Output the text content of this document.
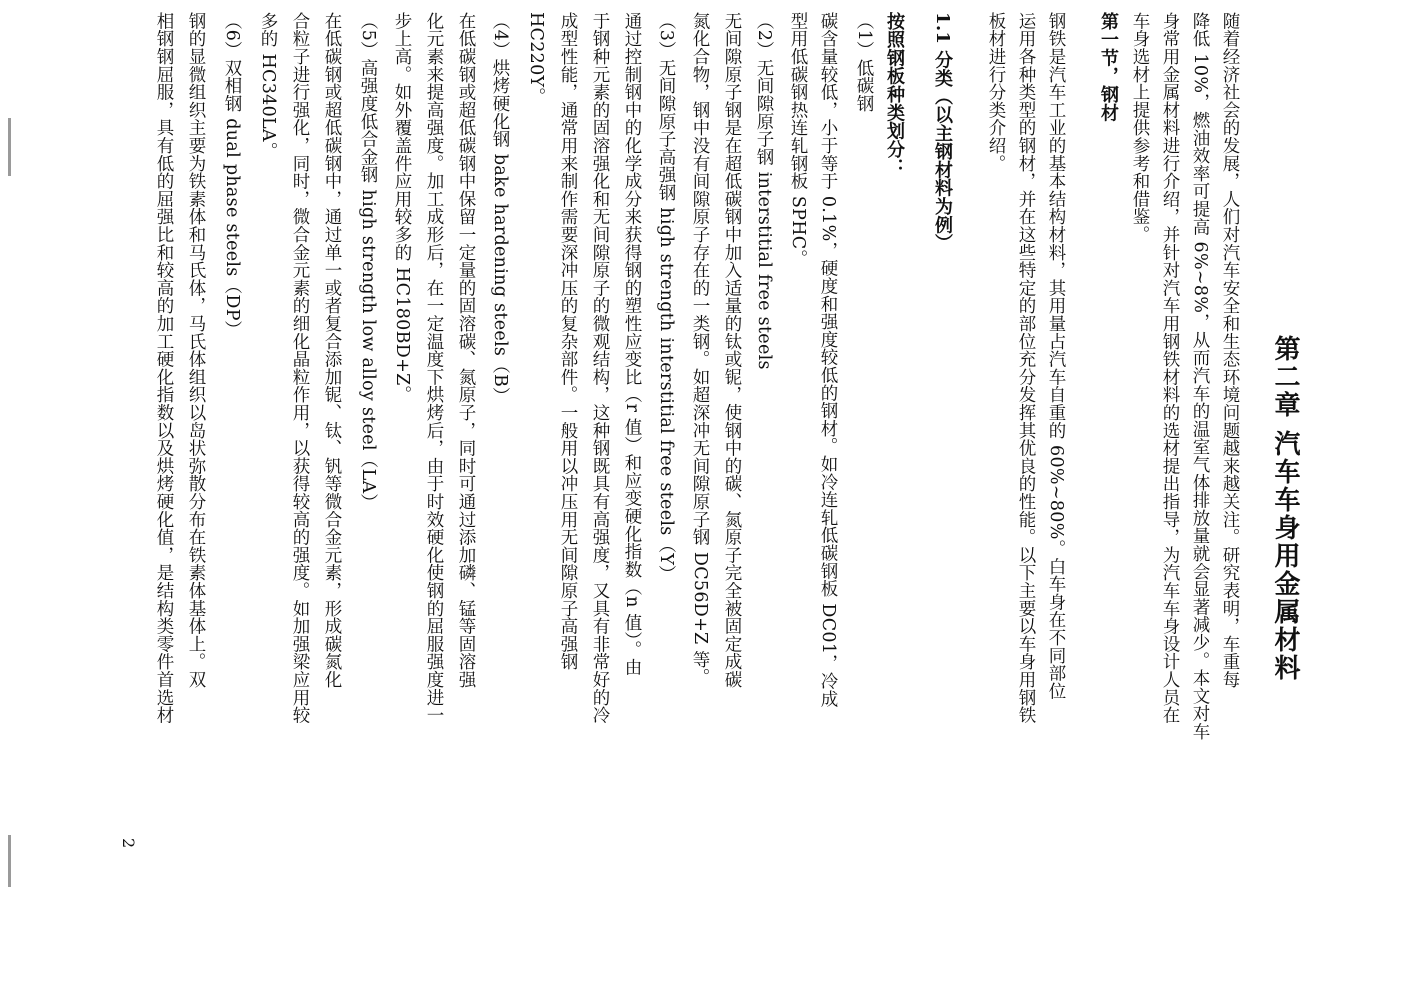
第二章 汽车车身用金属材料
随着经济社会的发展，人们对汽车安全和生态环境问题越来越关注。研究表明，车重每
降低 10%，燃油效率可提高 6%~8%，从而汽车的温室气体排放量就会显著减少。本文对车
身常用金属材料进行介绍，并针对汽车用钢铁材料的选材提出指导，为汽车车身设计人员在
车身选材上提供参考和借鉴。
第一节，钢材
钢铁是汽车工业的基本结构材料，其用量占汽车自重的 60%~80%。白车身在不同部位
运用各种类型的钢材，并在这些特定的部位充分发挥其优良的性能。以下主要以车身用钢铁
板材进行分类介绍。
1.1 分类（以主钢材料为例）
按照钢板种类划分：
（1）低碳钢
碳含量较低，小于等于 0.1%，硬度和强度较低的钢材。如冷连轧低碳钢板 DC01，冷成
型用低碳钢热连轧钢板 SPHC。
（2）无间隙原子钢 interstitial free steels
无间隙原子钢是在超低碳钢中加入适量的钛或铌，使钢中的碳、氮原子完全被固定成碳
氮化合物，钢中没有间隙原子存在的一类钢。如超深冲无间隙原子钢 DC56D+Z 等。
（3）无间隙原子高强钢 high strength interstitial free steels（Y）
通过控制钢中的化学成分来获得钢的塑性应变比（r 值）和应变硬化指数（n 值）。由
于钢种元素的固溶强化和无间隙原子的微观结构，这种钢既具有高强度，又具有非常好的冷
成型性能，通常用来制作需要深冲压的复杂部件。一般用以冲压用无间隙原子高强钢
HC220Y。
（4）烘烤硬化钢 bake hardening steels（B）
在低碳钢或超低碳钢中保留一定量的固溶碳、氮原子，同时可通过添加磷、锰等固溶强
化元素来提高强度。加工成形后，在一定温度下烘烤后，由于时效硬化使钢的屈服强度进一
步上高。如外覆盖件应用较多的 HC180BD+Z。
（5）高强度低合金钢 high strength low alloy steel（LA）
在低碳钢或超低碳钢中，通过单一或者复合添加铌、钛、钒等微合金元素，形成碳氮化
合粒子进行强化，同时，微合金元素的细化晶粒作用，以获得较高的强度。如加强梁应用较
多的 HC340LA。
（6）双相钢 dual phase steels（DP）
钢的显微组织主要为铁素体和马氏体，马氏体组织以岛状弥散分布在铁素体基体上。双
相钢钢屈服，具有低的屈强比和较高的加工硬化指数以及烘烤硬化值，是结构类零件首选材
2
